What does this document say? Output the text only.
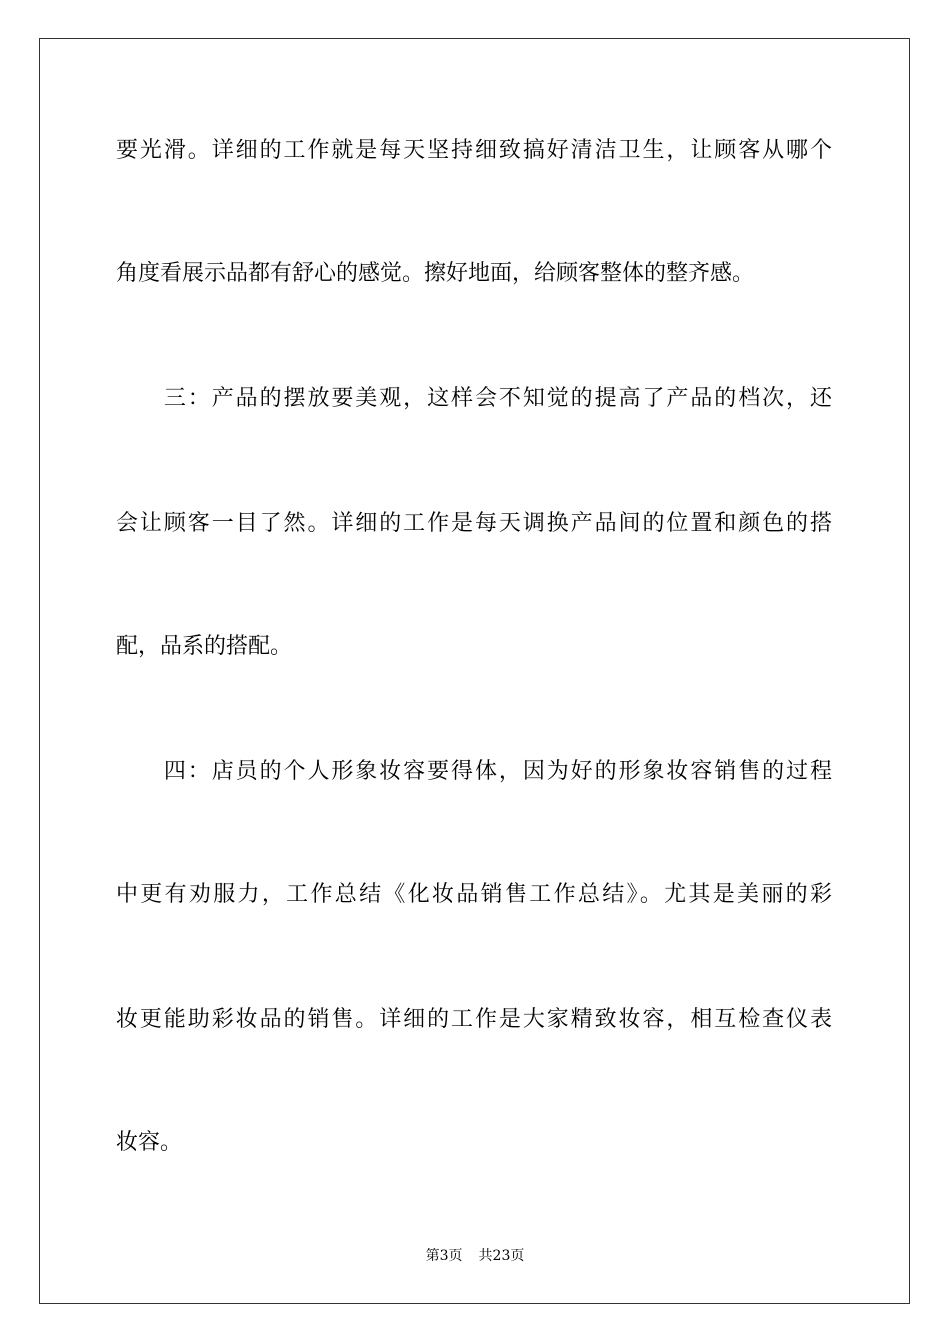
要光滑。详细的工作就是每天坚持细致搞好清洁卫生，让顾客从哪个
角度看展示品都有舒心的感觉。擦好地面，给顾客整体的整齐感。
　　三：产品的摆放要美观，这样会不知觉的提高了产品的档次，还
会让顾客一目了然。详细的工作是每天调换产品间的位置和颜色的搭
配，品系的搭配。
　　四：店员的个人形象妆容要得体，因为好的形象妆容销售的过程
中更有劝服力，工作总结《化妆品销售工作总结》。尤其是美丽的彩
妆更能助彩妆品的销售。详细的工作是大家精致妆容，相互检查仪表
妆容。
第3页 共23页
